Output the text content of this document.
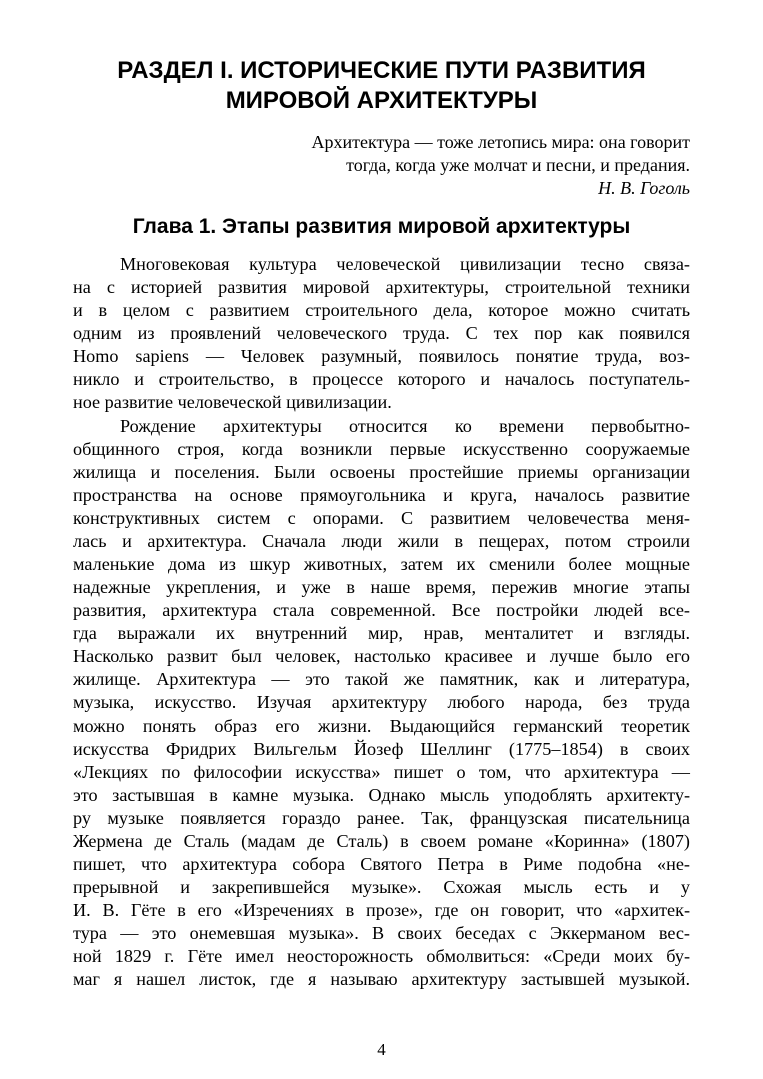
РАЗДЕЛ I. ИСТОРИЧЕСКИЕ ПУТИ РАЗВИТИЯ
МИРОВОЙ АРХИТЕКТУРЫ
Архитектура — тоже летопись мира: она говорит
тогда, когда уже молчат и песни, и предания.
Н. В. Гоголь
Глава 1. Этапы развития мировой архитектуры
Многовековая культура человеческой цивилизации тесно связа-
на с историей развития мировой архитектуры, строительной техники
и в целом с развитием строительного дела, которое можно считать
одним из проявлений человеческого труда. С тех пор как появился
Homo sapiens — Человек разумный, появилось понятие труда, воз-
никло и строительство, в процессе которого и началось поступатель-
ное развитие человеческой цивилизации.
Рождение архитектуры относится ко времени первобытно-
общинного строя, когда возникли первые искусственно сооружаемые
жилища и поселения. Были освоены простейшие приемы организации
пространства на основе прямоугольника и круга, началось развитие
конструктивных систем с опорами. С развитием человечества меня-
лась и архитектура. Сначала люди жили в пещерах, потом строили
маленькие дома из шкур животных, затем их сменили более мощные
надежные укрепления, и уже в наше время, пережив многие этапы
развития, архитектура стала современной. Все постройки людей все-
гда выражали их внутренний мир, нрав, менталитет и взгляды.
Насколько развит был человек, настолько красивее и лучше было его
жилище. Архитектура — это такой же памятник, как и литература,
музыка, искусство. Изучая архитектуру любого народа, без труда
можно понять образ его жизни. Выдающийся германский теоретик
искусства Фридрих Вильгельм Йозеф Шеллинг (1775–1854) в своих
«Лекциях по философии искусства» пишет о том, что архитектура —
это застывшая в камне музыка. Однако мысль уподоблять архитекту-
ру музыке появляется гораздо ранее. Так, французская писательница
Жермена де Сталь (мадам де Сталь) в своем романе «Коринна» (1807)
пишет, что архитектура собора Святого Петра в Риме подобна «не-
прерывной и закрепившейся музыке». Схожая мысль есть и у
И. В. Гёте в его «Изречениях в прозе», где он говорит, что «архитек-
тура — это онемевшая музыка». В своих беседах с Эккерманом вес-
ной 1829 г. Гёте имел неосторожность обмолвиться: «Среди моих бу-
маг я нашел листок, где я называю архитектуру застывшей музыкой.
4
